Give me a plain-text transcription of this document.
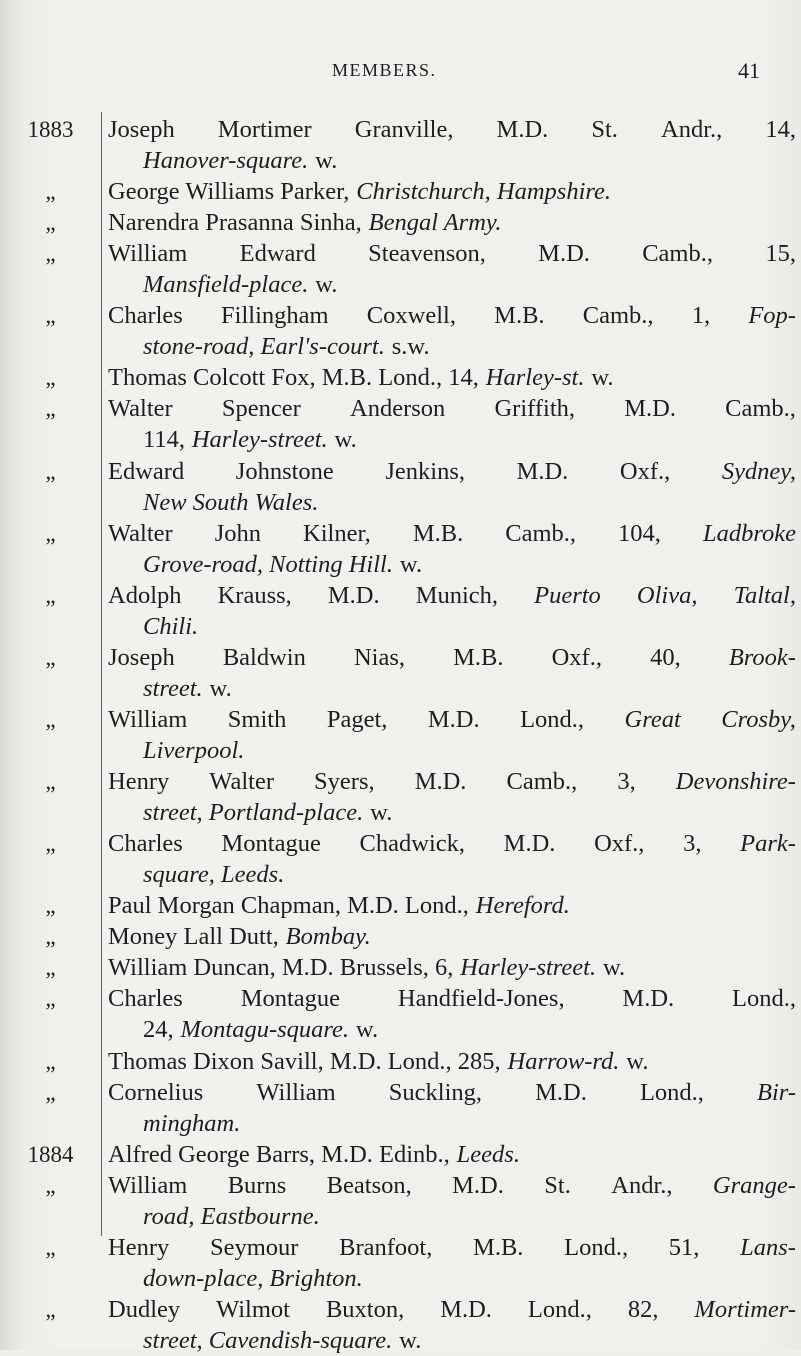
MEMBERS.	41
1883	Joseph Mortimer Granville, M.D. St. Andr., 14,
Hanover-square. w.
„	George Williams Parker, Christchurch, Hampshire.
„	Narendra Prasanna Sinha, Bengal Army.
„	William Edward Steavenson, M.D. Camb., 15,
Mansfield-place. w.
„	Charles Fillingham Coxwell, M.B. Camb., 1, Fop-
stone-road, Earl's-court. s.w.
„	Thomas Colcott Fox, M.B. Lond., 14, Harley-st. w.
„	Walter Spencer Anderson Griffith, M.D. Camb.,
114, Harley-street. w.
„	Edward Johnstone Jenkins, M.D. Oxf., Sydney,
New South Wales.
„	Walter John Kilner, M.B. Camb., 104, Ladbroke
Grove-road, Notting Hill. w.
„	Adolph Krauss, M.D. Munich, Puerto Oliva, Taltal,
Chili.
„	Joseph Baldwin Nias, M.B. Oxf., 40, Brook-
street. w.
„	William Smith Paget, M.D. Lond., Great Crosby,
Liverpool.
„	Henry Walter Syers, M.D. Camb., 3, Devonshire-
street, Portland-place. w.
„	Charles Montague Chadwick, M.D. Oxf., 3, Park-
square, Leeds.
„	Paul Morgan Chapman, M.D. Lond., Hereford.
„	Money Lall Dutt, Bombay.
„	William Duncan, M.D. Brussels, 6, Harley-street. w.
„	Charles Montague Handfield-Jones, M.D. Lond.,
24, Montagu-square. w.
„	Thomas Dixon Savill, M.D. Lond., 285, Harrow-rd. w.
„	Cornelius William Suckling, M.D. Lond., Bir-
mingham.
1884	Alfred George Barrs, M.D. Edinb., Leeds.
„	William Burns Beatson, M.D. St. Andr., Grange-
road, Eastbourne.
„	Henry Seymour Branfoot, M.B. Lond., 51, Lans-
down-place, Brighton.
„	Dudley Wilmot Buxton, M.D. Lond., 82, Mortimer-
street, Cavendish-square. w.
